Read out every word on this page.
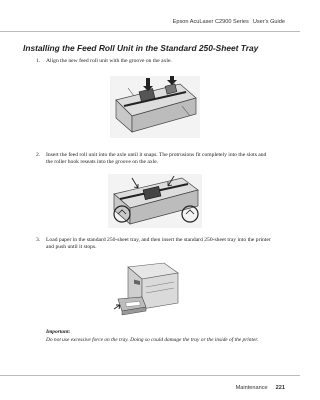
Epson AcuLaser C2900 Series User's Guide
Installing the Feed Roll Unit in the Standard 250-Sheet Tray
1. Align the new feed roll unit with the groove on the axle.
2. Insert the feed roll unit into the axle until it snaps. The protrusions fit completely into the slots and the roller hook reseats into the groove on the axle.
3. Load paper in the standard 250-sheet tray, and then insert the standard 250-sheet tray into the printer and push until it stops.
Important:
Do not use excessive force on the tray. Doing so could damage the tray or the inside of the printer.
Maintenance 221
